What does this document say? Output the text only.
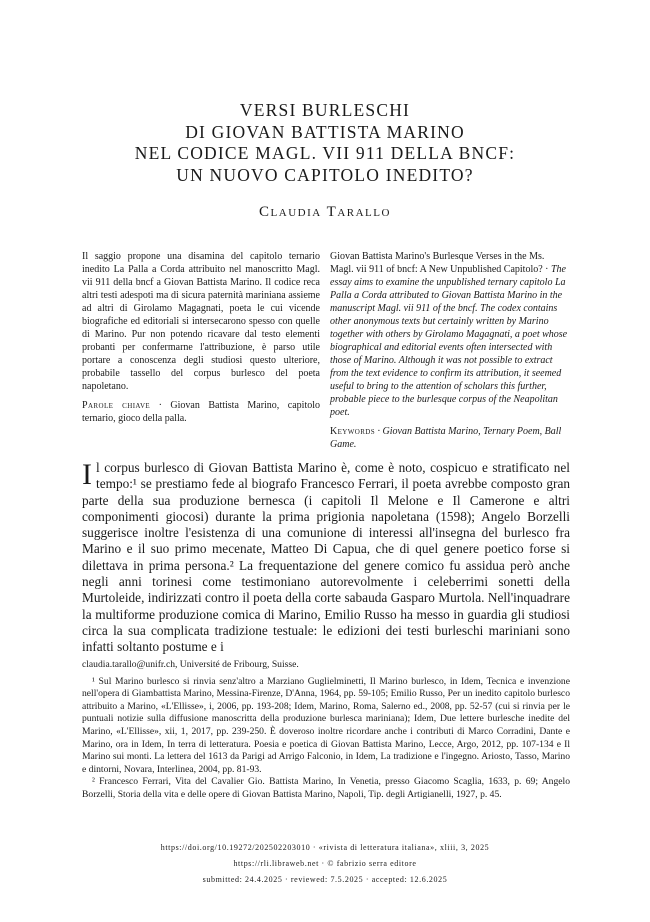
VERSI BURLESCHI
DI GIOVAN BATTISTA MARINO
NEL CODICE MAGL. VII 911 DELLA BNCF:
UN NUOVO CAPITOLO INEDITO?
Claudia Tarallo
Il saggio propone una disamina del capitolo ternario inedito La Palla a Corda attribuito nel manoscritto Magl. vii 911 della bncf a Giovan Battista Marino. Il codice reca altri testi adespoti ma di sicura paternità mariniana assieme ad altri di Girolamo Magagnati, poeta le cui vicende biografiche ed editoriali si intersecarono spesso con quelle di Marino. Pur non potendo ricavare dal testo elementi probanti per confermarne l'attribuzione, è parso utile portare a conoscenza degli studiosi questo ulteriore, probabile tassello del corpus burlesco del poeta napoletano.
Parole chiave · Giovan Battista Marino, capitolo ternario, gioco della palla.
Giovan Battista Marino's Burlesque Verses in the Ms. Magl. vii 911 of bncf: A New Unpublished Capitolo? · The essay aims to examine the unpublished ternary capitolo La Palla a Corda attributed to Giovan Battista Marino in the manuscript Magl. vii 911 of the bncf. The codex contains other anonymous texts but certainly written by Marino together with others by Girolamo Magagnati, a poet whose biographical and editorial events often intersected with those of Marino. Although it was not possible to extract from the text evidence to confirm its attribution, it seemed useful to bring to the attention of scholars this further, probable piece to the burlesque corpus of the Neapolitan poet.
Keywords · Giovan Battista Marino, Ternary Poem, Ball Game.
I l corpus burlesco di Giovan Battista Marino è, come è noto, cospicuo e stratificato nel tempo:¹ se prestiamo fede al biografo Francesco Ferrari, il poeta avrebbe composto gran parte della sua produzione bernesca (i capitoli Il Melone e Il Camerone e altri componimenti giocosi) durante la prima prigionia napoletana (1598); Angelo Borzelli suggerisce inoltre l'esistenza di una comunione di interessi all'insegna del burlesco fra Marino e il suo primo mecenate, Matteo Di Capua, che di quel genere poetico forse si dilettava in prima persona.² La frequentazione del genere comico fu assidua però anche negli anni torinesi come testimoniano autorevolmente i celeberrimi sonetti della Murtoleide, indirizzati contro il poeta della corte sabauda Gasparo Murtola. Nell'inquadrare la multiforme produzione comica di Marino, Emilio Russo ha messo in guardia gli studiosi circa la sua complicata tradizione testuale: le edizioni dei testi burleschi mariniani sono infatti soltanto postume e i

claudia.tarallo@unifr.ch, Université de Fribourg, Suisse.

¹ Sul Marino burlesco si rinvia senz'altro a Marziano Guglielminetti, Il Marino burlesco, in Idem, Tecnica e invenzione nell'opera di Giambattista Marino, Messina-Firenze, D'Anna, 1964, pp. 59-105; Emilio Russo, Per un inedito capitolo burlesco attribuito a Marino, «L'Ellisse», i, 2006, pp. 193-208; Idem, Marino, Roma, Salerno ed., 2008, pp. 52-57 (cui si rinvia per le puntuali notizie sulla diffusione manoscritta della produzione burlesca mariniana); Idem, Due lettere burlesche inedite del Marino, «L'Ellisse», xii, 1, 2017, pp. 239-250. È doveroso inoltre ricordare anche i contributi di Marco Corradini, Dante e Marino, ora in Idem, In terra di letteratura. Poesia e poetica di Giovan Battista Marino, Lecce, Argo, 2012, pp. 107-134 e Il Marino sui monti. La lettera del 1613 da Parigi ad Arrigo Falconio, in Idem, La tradizione e l'ingegno. Ariosto, Tasso, Marino e dintorni, Novara, Interlinea, 2004, pp. 81-93.

² Francesco Ferrari, Vita del Cavalier Gio. Battista Marino, In Venetia, presso Giacomo Scaglia, 1633, p. 69; Angelo Borzelli, Storia della vita e delle opere di Giovan Battista Marino, Napoli, Tip. degli Artigianelli, 1927, p. 45.

https://doi.org/10.19272/202502203010 · «rivista di letteratura italiana», xliii, 3, 2025
https://rli.libraweb.net · © fabrizio serra editore
submitted: 24.4.2025 · reviewed: 7.5.2025 · accepted: 12.6.2025
